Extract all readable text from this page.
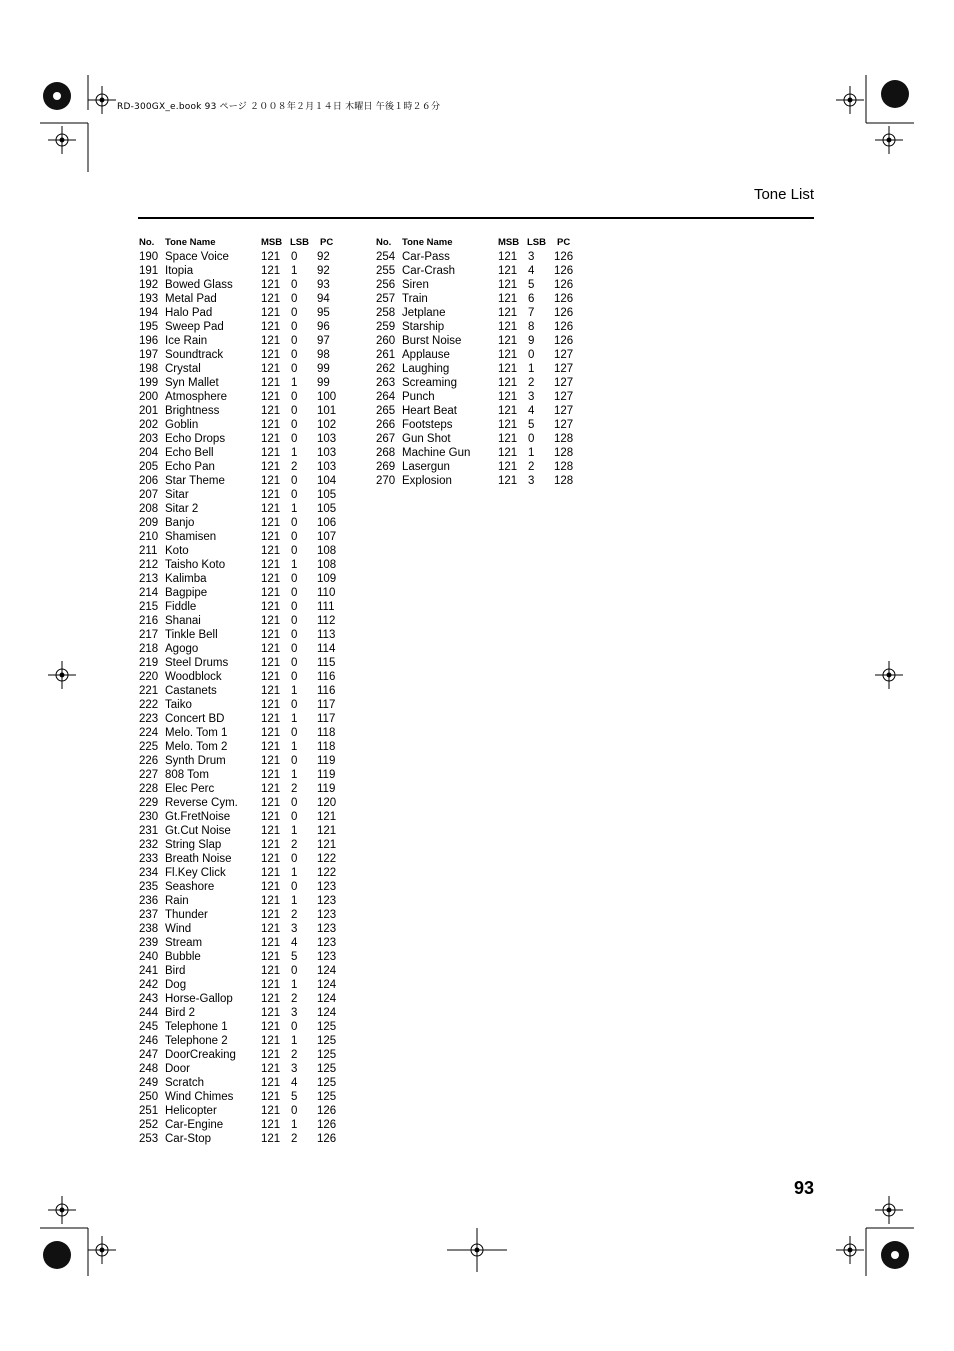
RD-300GX_e.book 93 ページ ２００８年２月１４日 木曜日 午後１時２６分
Tone List
No. Tone Name	MSB LSB PC
190 Space Voice	121 0 92
191 Itopia	121 1 92
192 Bowed Glass 121 0 93
193 Metal Pad	121 0 94
194 Halo Pad	121 0 95
195 Sweep Pad	121 0 96
196 Ice Rain	121 0 97
197 Soundtrack	121 0 98
198 Crystal	121 0 99
199 Syn Mallet	121 1 99
200 Atmosphere	121 0 100
201 Brightness	121 0 101
202 Goblin	121 0 102
203 Echo Drops	121 0 103
204 Echo Bell	121 1 103
205 Echo Pan	121 2 103
206 Star Theme	121 0 104
207 Sitar	121 0 105
208 Sitar 2	121 1 105
209 Banjo	121 0 106
210 Shamisen	121 0 107
211 Koto	121 0 108
212 Taisho Koto	121 1 108
213 Kalimba	121 0 109
214 Bagpipe	121 0 110
215 Fiddle	121 0 111
216 Shanai	121 0 112
217 Tinkle Bell	121 0 113
218 Agogo	121 0 114
219 Steel Drums	121 0 115
220 Woodblock	121 0 116
221 Castanets	121 1 116
222 Taiko	121 0 117
223 Concert BD	121 1 117
224 Melo. Tom 1	121 0 118
225 Melo. Tom 2	121 1 118
226 Synth Drum	121 0 119
227 808 Tom	121 1 119
228 Elec Perc	121 2 119
229 Reverse Cym. 121 0 120
230 Gt.FretNoise	121 0 121
231 Gt.Cut Noise	121 1 121
232 String Slap	121 2 121
233 Breath Noise	121 0 122
234 Fl.Key Click	121 1 122
235 Seashore	121 0 123
236 Rain	121 1 123
237 Thunder	121 2 123
238 Wind	121 3 123
239 Stream	121 4 123
240 Bubble	121 5 123
241 Bird	121 0 124
242 Dog	121 1 124
243 Horse-Gallop 121 2 124
244 Bird 2	121 3 124
245 Telephone 1	121 0 125
246 Telephone 2	121 1 125
247 DoorCreaking 121 2 125
248 Door	121 3 125
249 Scratch	121 4 125
250 Wind Chimes 121 5 125
251 Helicopter	121 0 126
252 Car-Engine	121 1 126
253 Car-Stop	121 2 126
No. Tone Name	MSB LSB PC
254 Car-Pass	121 3 126
255 Car-Crash	121 4 126
256 Siren	121 5 126
257 Train	121 6 126
258 Jetplane	121 7 126
259 Starship	121 8 126
260 Burst Noise	121 9 126
261 Applause	121 0 127
262 Laughing	121 1 127
263 Screaming	121 2 127
264 Punch	121 3 127
265 Heart Beat	121 4 127
266 Footsteps	121 5 127
267 Gun Shot	121 0 128
268 Machine Gun 121 1 128
269 Lasergun	121 2 128
270 Explosion	121 3 128
93
